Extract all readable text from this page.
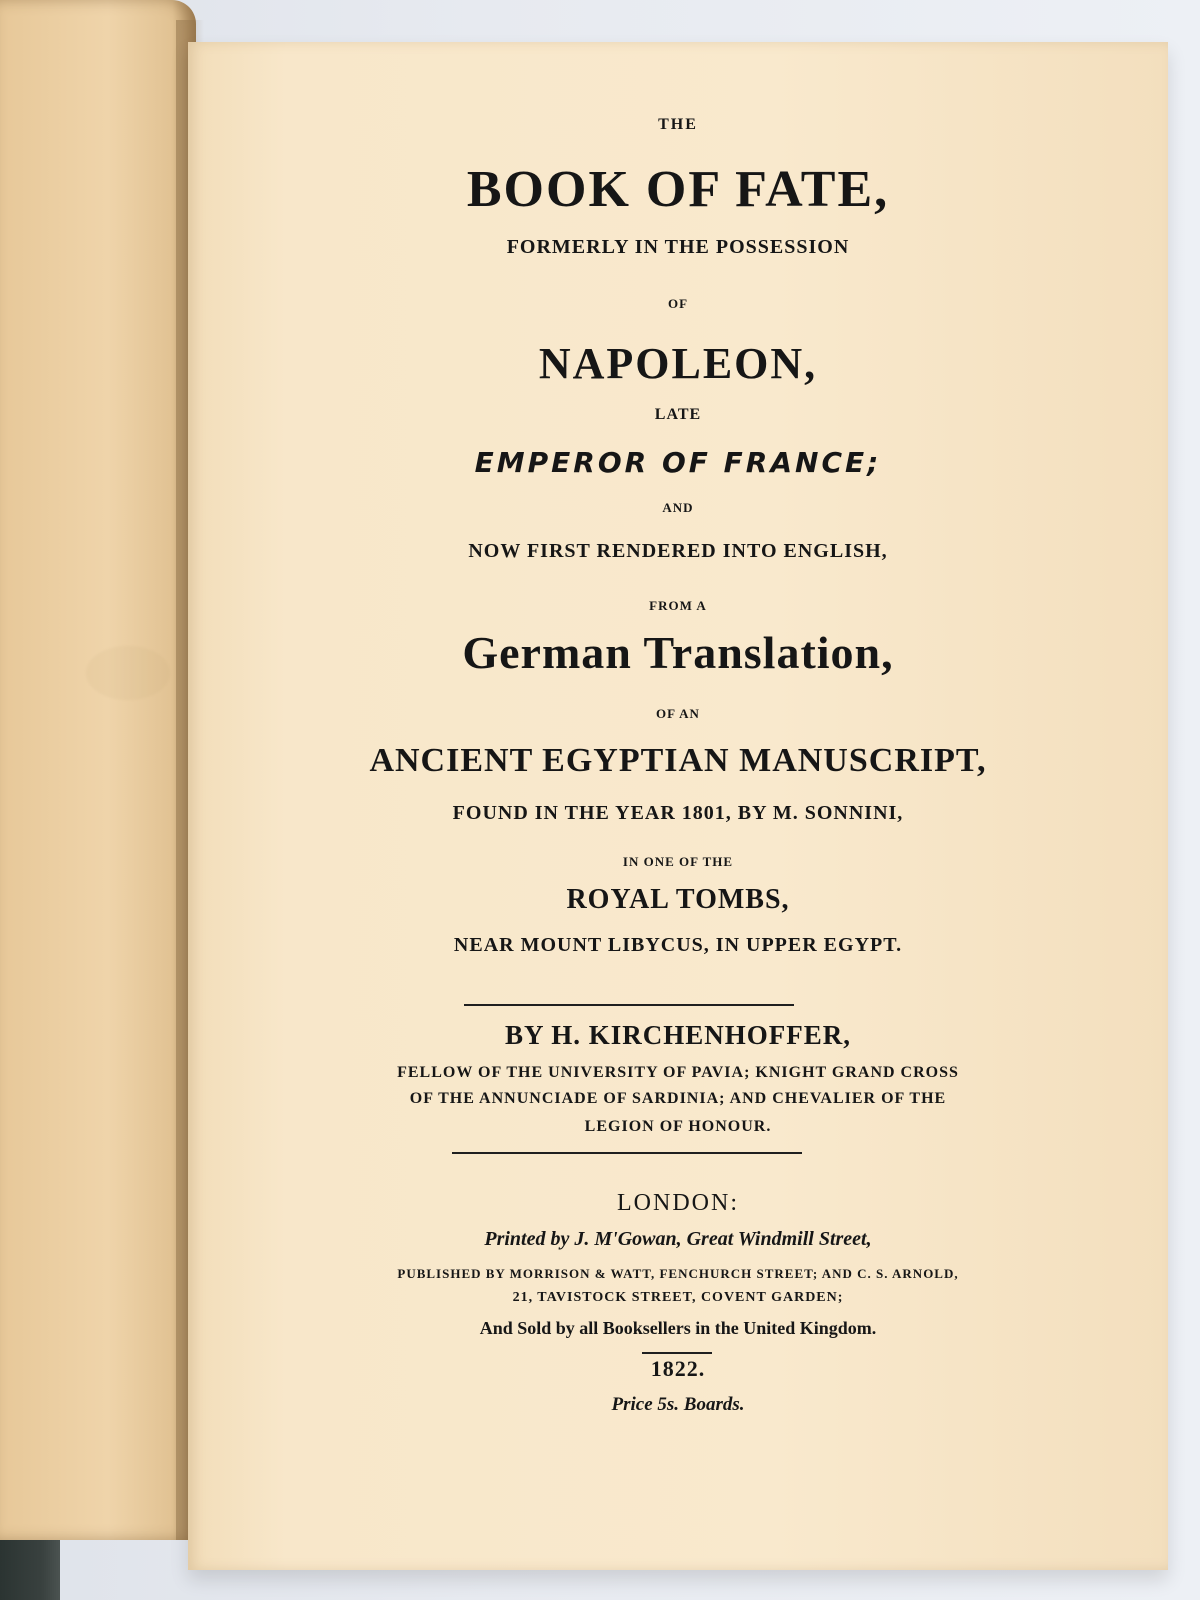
THE
BOOK OF FATE,
FORMERLY IN THE POSSESSION
OF
NAPOLEON,
LATE
EMPEROR OF FRANCE;
AND
NOW FIRST RENDERED INTO ENGLISH,
FROM A
German Translation,
OF AN
ANCIENT EGYPTIAN MANUSCRIPT,
FOUND IN THE YEAR 1801, BY M. SONNINI,
IN ONE OF THE
ROYAL TOMBS,
NEAR MOUNT LIBYCUS, IN UPPER EGYPT.
BY H. KIRCHENHOFFER,
FELLOW OF THE UNIVERSITY OF PAVIA; KNIGHT GRAND CROSS
OF THE ANNUNCIADE OF SARDINIA; AND CHEVALIER OF THE
LEGION OF HONOUR.
LONDON:
Printed by J. M'Gowan, Great Windmill Street,
PUBLISHED BY MORRISON & WATT, FENCHURCH STREET; AND C. S. ARNOLD,
21, TAVISTOCK STREET, COVENT GARDEN;
And Sold by all Booksellers in the United Kingdom.
1822.
Price 5s. Boards.
